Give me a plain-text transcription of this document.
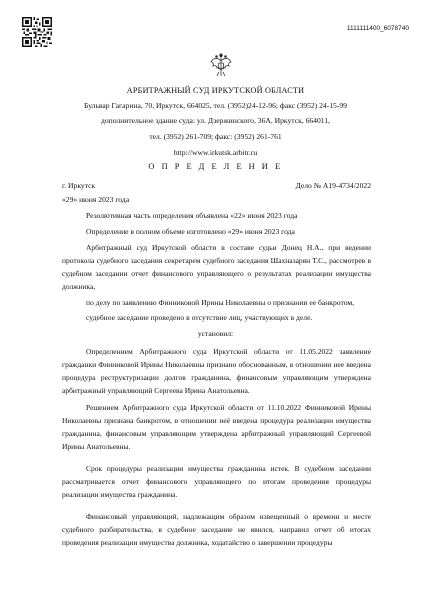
1111111400_6078740
АРБИТРАЖНЫЙ СУД ИРКУТСКОЙ ОБЛАСТИ
Бульвар Гагарина, 70, Иркутск, 664025, тел. (3952)24-12-96; факс (3952) 24-15-99
дополнительное здание суда: ул. Дзержинского, 36А, Иркутск, 664011,
тел. (3952) 261-709; факс: (3952) 261-761
http://www.irkutsk.arbitr.ru
О П Р Е Д Е Л Е Н И Е
г. Иркутск	Дело № А19-4734/2022
«29» июня 2023 года
Резолютивная часть определения объявлена «22» июня 2023 года
Определение в полном объеме изготовлено «29» июня 2023 года
Арбитражный суд Иркутской области в составе судьи Донец Н.А., при ведении протокола судебного заседания секретарем судебного заседания Шахназарян Т.С., рассмотрев в судебном заседании отчет финансового управляющего о результатах реализации имущества должника,
по делу по заявлению Финниковой Ирины Николаевны о признании ее банкротом,
судебное заседание проведено в отсутствие лиц, участвующих в деле.
установил:
Определением Арбитражного суда Иркутской области от 11.05.2022 заявление гражданки Финниковой Ирины Николаевны признано обоснованным, в отношении нее введена процедура реструктуризации долгов гражданина, финансовым управляющим утверждена арбитражный управляющий Сергеева Ирина Анатольевна.
Решением Арбитражного суда Иркутской области от 11.10.2022 Финниковой Ирины Николаевны признана банкротом, в отношении неё введена процедура реализации имущества гражданина, финансовым управляющим утверждена арбитражный управляющий Сергеевой Ирины Анатольевны.
Срок процедуры реализации имущества гражданина истек. В судебном заседании рассматривается отчет финансового управляющего по итогам проведения процедуры реализации имущества гражданина.
Финансовый управляющий, надлежащим образом извещенный о времени и месте судебного разбирательства, в судебное заседание не явился, направил отчет об итогах проведения реализации имущества должника, ходатайство о завершении процедуры
